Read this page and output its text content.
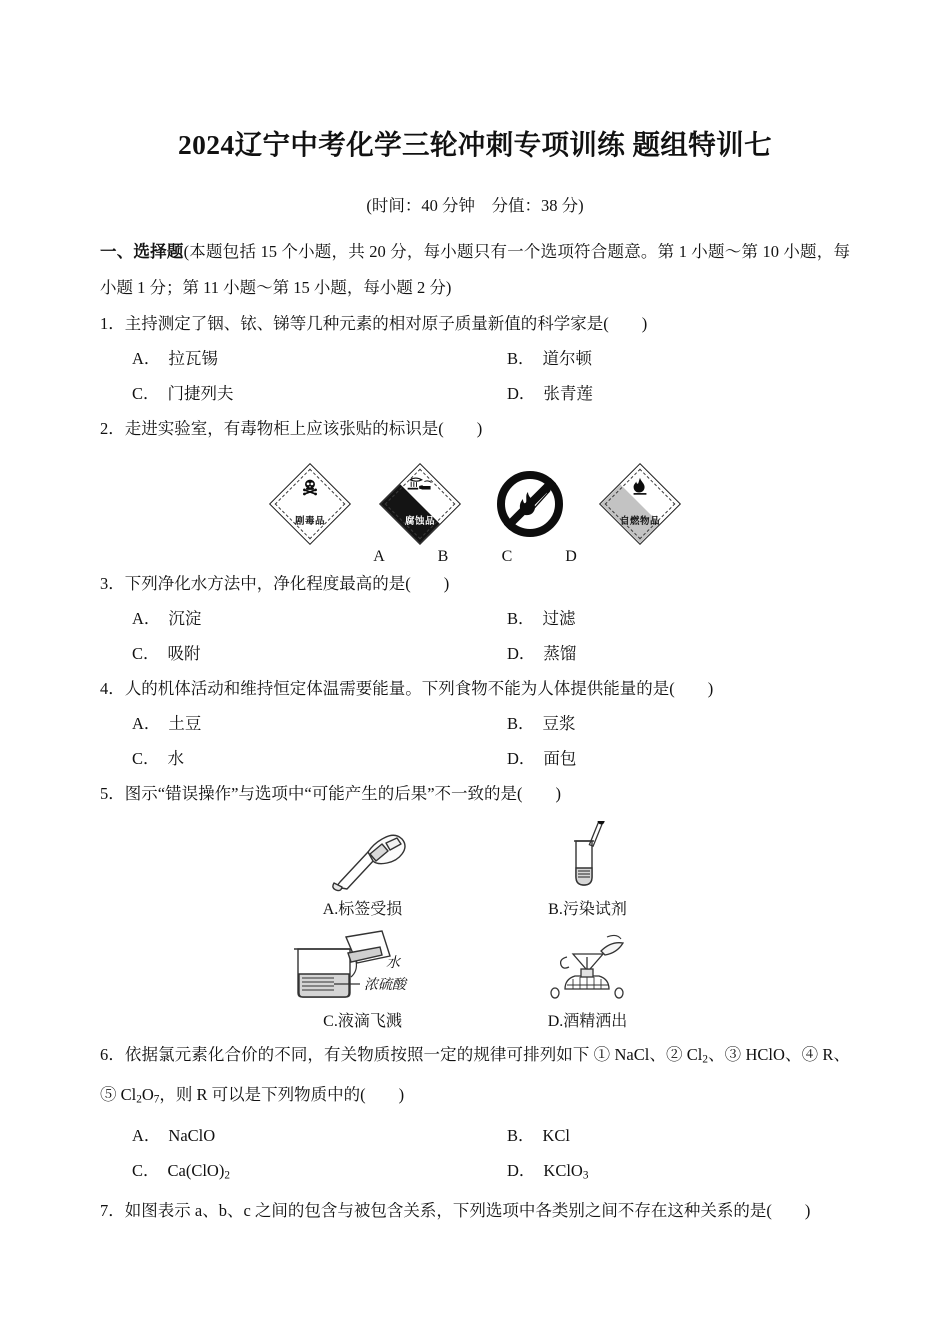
2024辽宁中考化学三轮冲刺专项训练 题组特训七
(时间：40 分钟　分值：38 分)

一、选择题(本题包括 15 个小题，共 20 分，每小题只有一个选项符合题意。第 1 小题～第 10 小题，每小题 1 分；第 11 小题～第 15 小题，每小题 2 分)

1．主持测定了铟、铱、锑等几种元素的相对原子质量新值的科学家是(　　)

A． 拉瓦锡	B． 道尔顿
C． 门捷列夫	D． 张青莲

2．走进实验室，有毒物柜上应该张贴的标识是(　　)

剧毒品	腐蚀品	自燃物品
A	B	C	D

3．下列净化水方法中，净化程度最高的是(　　)

A． 沉淀	B． 过滤
C． 吸附	D． 蒸馏

4．人的机体活动和维持恒定体温需要能量。下列食物不能为人体提供能量的是(　　)

A． 土豆	B． 豆浆
C． 水	D． 面包

5．图示“错误操作”与选项中“可能产生的后果”不一致的是(　　)

A.标签受损	B.污染试剂
水
浓硫酸
C.液滴飞溅	D.酒精洒出

6．依据氯元素化合价的不同，有关物质按照一定的规律可排列如下 ① NaCl、② $Cl_2$、③ HClO、④ R、⑤ $Cl_2O_7$，则 R 可以是下列物质中的(　　)

A． NaClO	B． KCl
C． $Ca(ClO)_2$	D． KClO$_3$

7．如图表示 a、b、c 之间的包含与被包含关系，下列选项中各类别之间不存在这种关系的是(　　)
